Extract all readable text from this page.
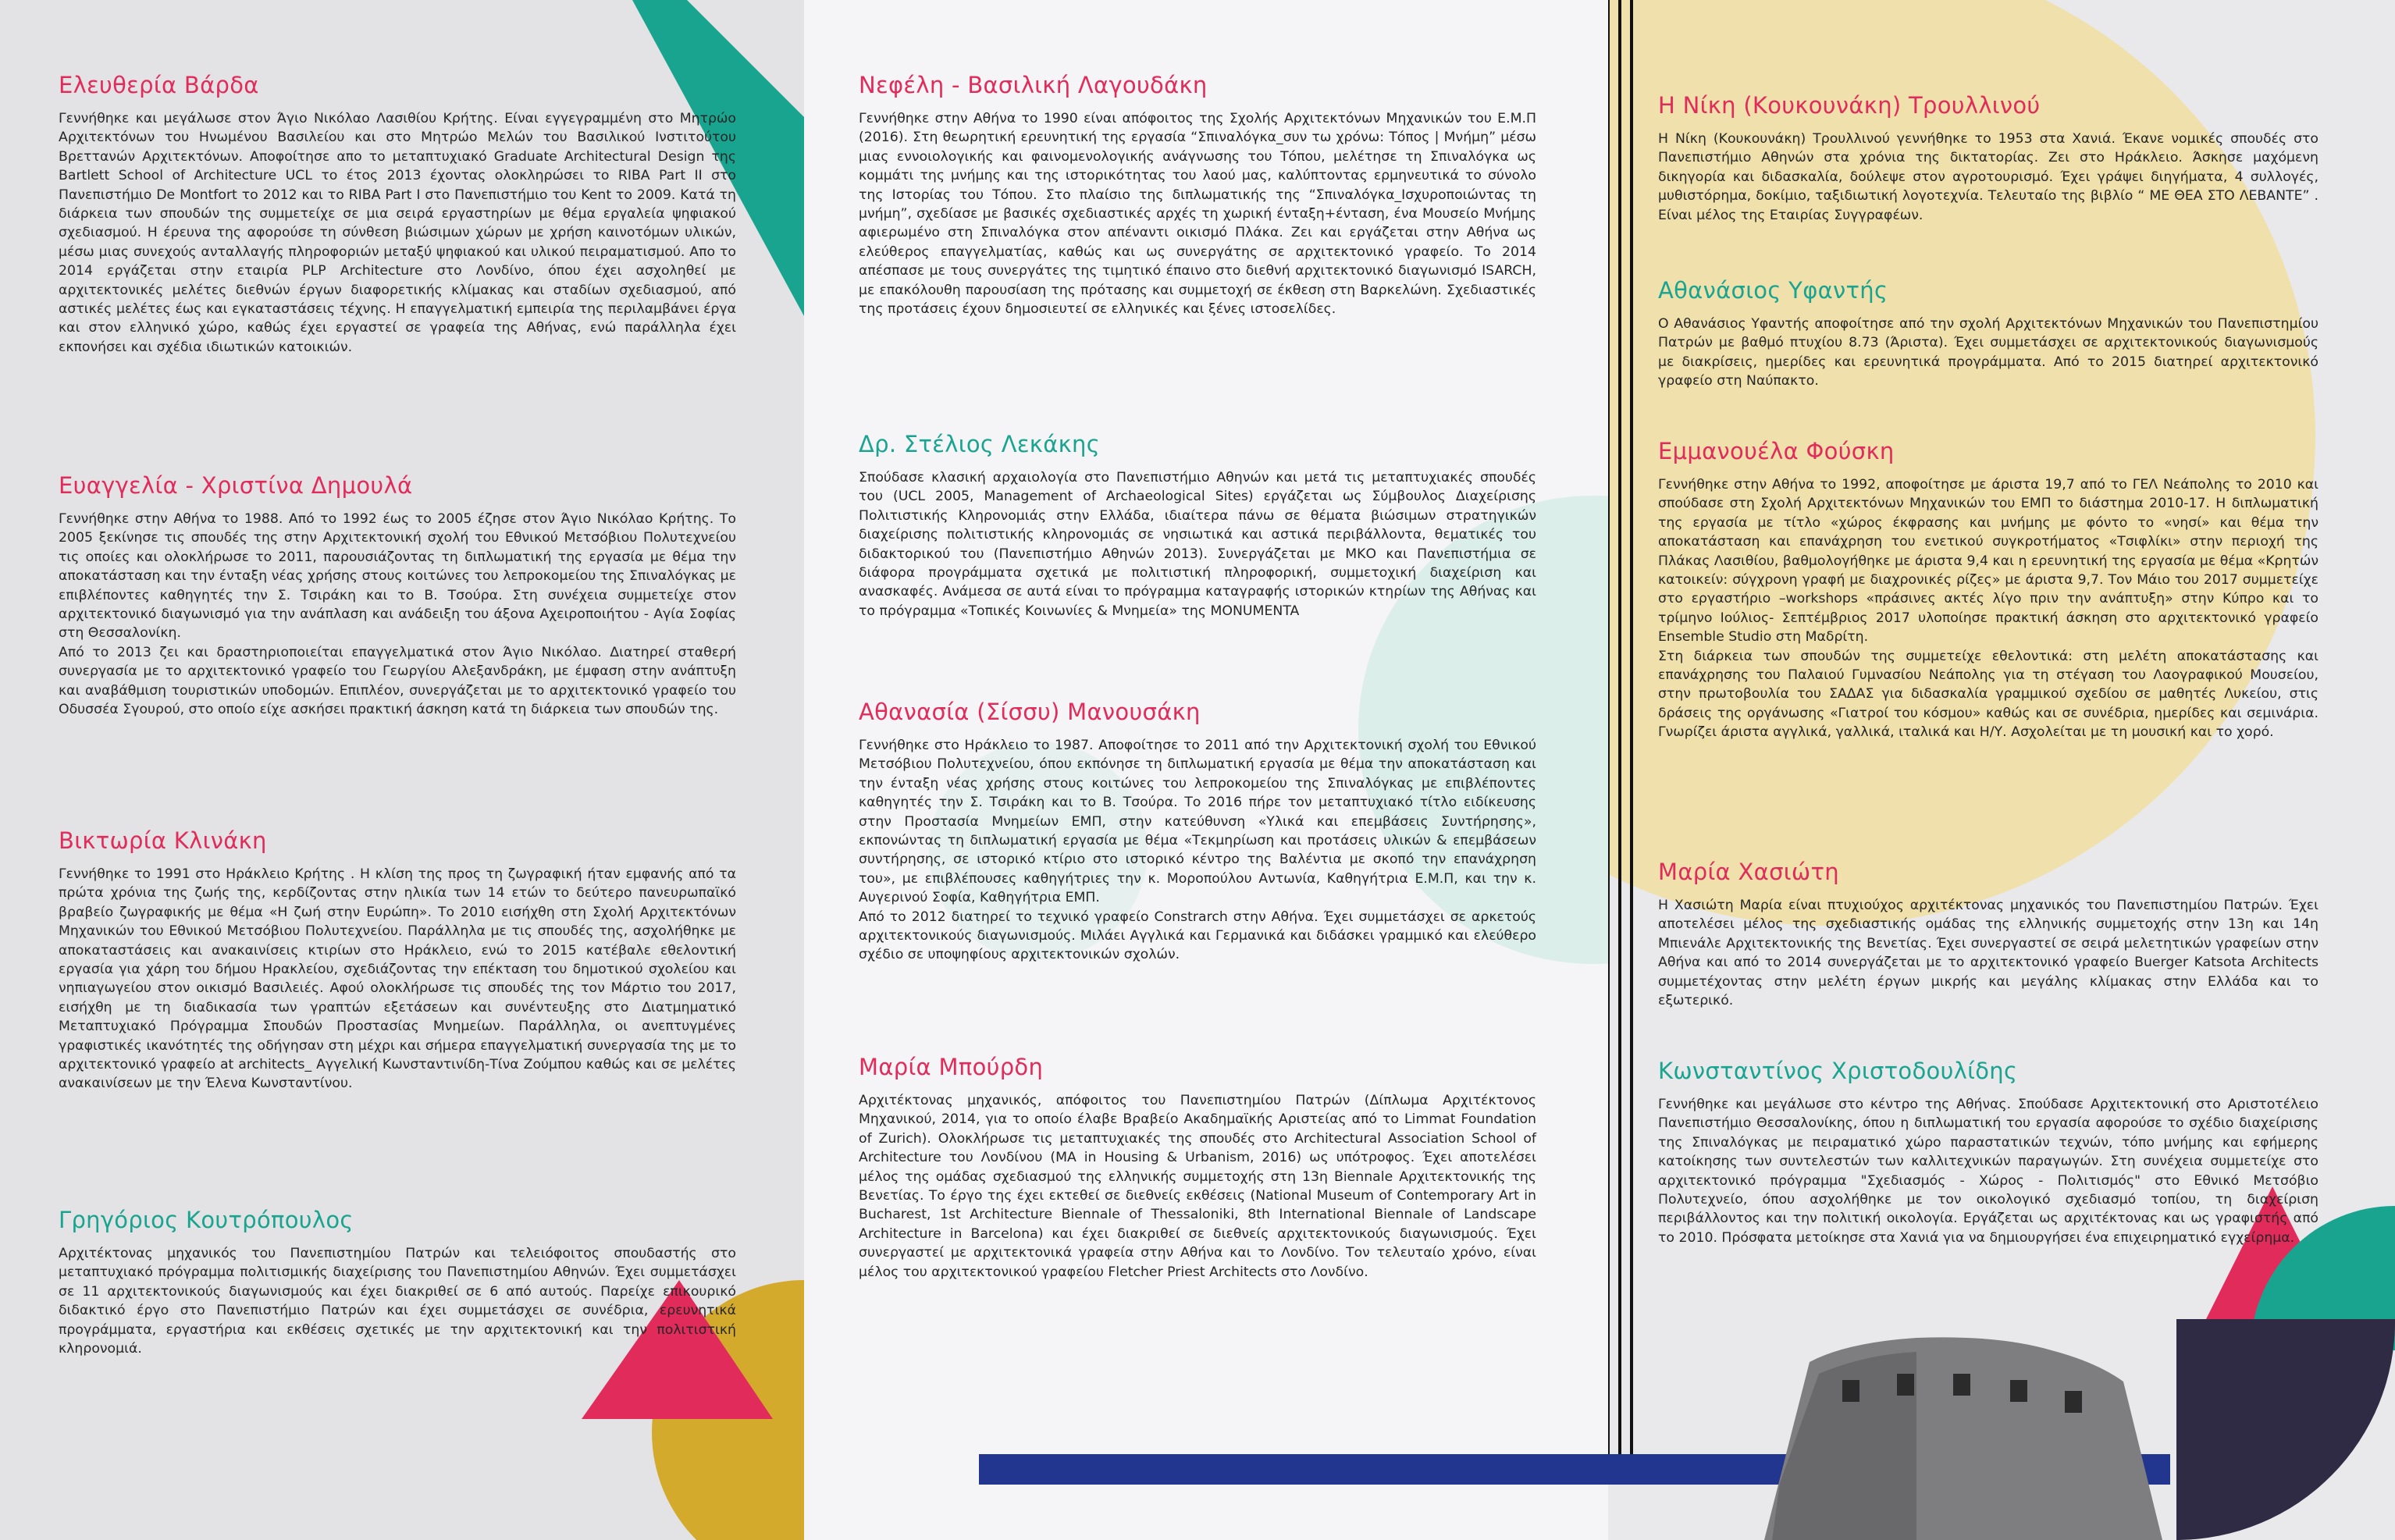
Ελευθερία Βάρδα

Γεννήθηκε και μεγάλωσε στον Άγιο Νικόλαο Λασιθίου Κρήτης. Είναι εγγεγραμμένη στο Μητρώο Αρχιτεκτόνων του Ηνωμένου Βασιλείου και στο Μητρώο Μελών του Βασιλικού Ινστιτούτου Βρεττανών Αρχιτεκτόνων. Αποφοίτησε απο το μεταπτυχιακό Graduate Architectural Design της Bartlett School of Architecture UCL το έτος 2013 έχοντας ολοκληρώσει το RIBA Part II στο Πανεπιστήμιο De Montfort το 2012 και το RIBA Part I στο Πανεπιστήμιο του Kent το 2009. Κατά τη διάρκεια των σπουδών της συμμετείχε σε μια σειρά εργαστηρίων με θέμα εργαλεία ψηφιακού σχεδιασμού. Η έρευνα της αφορούσε τη σύνθεση βιώσιμων χώρων με χρήση καινοτόμων υλικών, μέσω μιας συνεχούς ανταλλαγής πληροφοριών μεταξύ ψηφιακού και υλικού πειραματισμού. Απο το 2014 εργάζεται στην εταιρία PLP Architecture στο Λονδίνο, όπου έχει ασχοληθεί με αρχιτεκτονικές μελέτες διεθνών έργων διαφορετικής κλίμακας και σταδίων σχεδιασμού, από αστικές μελέτες έως και εγκαταστάσεις τέχνης. Η επαγγελματική εμπειρία της περιλαμβάνει έργα και στον ελληνικό χώρο, καθώς έχει εργαστεί σε γραφεία της Αθήνας, ενώ παράλληλα έχει εκπονήσει και σχέδια ιδιωτικών κατοικιών.

Ευαγγελία - Χριστίνα Δημουλά

Γεννήθηκε στην Αθήνα το 1988. Από το 1992 έως το 2005 έζησε στον Άγιο Νικόλαο Κρήτης. Το 2005 ξεκίνησε τις σπουδές της στην Αρχιτεκτονική σχολή του Εθνικού Μετσόβιου Πολυτεχνείου τις οποίες και ολοκλήρωσε το 2011, παρουσιάζοντας τη διπλωματική της εργασία με θέμα την αποκατάσταση και την ένταξη νέας χρήσης στους κοιτώνες του λεπροκομείου της Σπιναλόγκας με επιβλέποντες καθηγητές την Σ. Τσιράκη και το Β. Τσούρα. Στη συνέχεια συμμετείχε στον αρχιτεκτονικό διαγωνισμό για την ανάπλαση και ανάδειξη του άξονα Αχειροποιήτου - Αγία Σοφίας στη Θεσσαλονίκη.
Από το 2013 ζει και δραστηριοποιείται επαγγελματικά στον Άγιο Νικόλαο. Διατηρεί σταθερή συνεργασία με το αρχιτεκτονικό γραφείο του Γεωργίου Αλεξανδράκη, με έμφαση στην ανάπτυξη και αναβάθμιση τουριστικών υποδομών. Επιπλέον, συνεργάζεται με το αρχιτεκτονικό γραφείο του Οδυσσέα Σγουρού, στο οποίο είχε ασκήσει πρακτική άσκηση κατά τη διάρκεια των σπουδών της.

Βικτωρία Κλινάκη

Γεννήθηκε το 1991 στο Ηράκλειο Κρήτης . Η κλίση της προς τη ζωγραφική ήταν εμφανής από τα πρώτα χρόνια της ζωής της, κερδίζοντας στην ηλικία των 14 ετών το δεύτερο πανευρωπαϊκό βραβείο ζωγραφικής με θέμα «Η ζωή στην Ευρώπη». Το 2010 εισήχθη στη Σχολή Αρχιτεκτόνων Μηχανικών του Εθνικού Μετσόβιου Πολυτεχνείου. Παράλληλα με τις σπουδές της, ασχολήθηκε με αποκαταστάσεις και ανακαινίσεις κτιρίων στο Ηράκλειο, ενώ το 2015 κατέβαλε εθελοντική εργασία για χάρη του δήμου Ηρακλείου, σχεδιάζοντας την επέκταση του δημοτικού σχολείου και νηπιαγωγείου στον οικισμό Βασιλειές. Αφού ολοκλήρωσε τις σπουδές της τον Μάρτιο του 2017, εισήχθη με τη διαδικασία των γραπτών εξετάσεων και συνέντευξης στο Διατμηματικό Μεταπτυχιακό Πρόγραμμα Σπουδών Προστασίας Μνημείων. Παράλληλα, οι ανεπτυγμένες γραφιστικές ικανότητές της οδήγησαν στη μέχρι και σήμερα επαγγελματική συνεργασία της με το αρχιτεκτονικό γραφείο at architects_ Αγγελική Κωνσταντινίδη-Τίνα Ζούμπου καθώς και σε μελέτες ανακαινίσεων με την Έλενα Κωνσταντίνου.

Γρηγόριος Κουτρόπουλος

Αρχιτέκτονας μηχανικός του Πανεπιστημίου Πατρών και τελειόφοιτος σπουδαστής στο μεταπτυχιακό πρόγραμμα πολιτισμικής διαχείρισης του Πανεπιστημίου Αθηνών. Έχει συμμετάσχει σε 11 αρχιτεκτονικούς διαγωνισμούς και έχει διακριθεί σε 6 από αυτούς. Παρείχε επικουρικό διδακτικό έργο στο Πανεπιστήμιο Πατρών και έχει συμμετάσχει σε συνέδρια, ερευνητικά προγράμματα, εργαστήρια και εκθέσεις σχετικές με την αρχιτεκτονική και την πολιτιστική κληρονομιά.

Νεφέλη - Βασιλική Λαγουδάκη

Γεννήθηκε στην Αθήνα το 1990 είναι απόφοιτος της Σχολής Αρχιτεκτόνων Μηχανικών του Ε.Μ.Π (2016). Στη θεωρητική ερευνητική της εργασία “Σπιναλόγκα_συν τω χρόνω: Τόπος | Μνήμη” μέσω μιας εννοιολογικής και φαινομενολογικής ανάγνωσης του Τόπου, μελέτησε τη Σπιναλόγκα ως κομμάτι της μνήμης και της ιστορικότητας του λαού μας, καλύπτοντας ερμηνευτικά το σύνολο της Ιστορίας του Τόπου. Στο πλαίσιο της διπλωματικής της “Σπιναλόγκα_Ισχυροποιώντας τη μνήμη”, σχεδίασε με βασικές σχεδιαστικές αρχές τη χωρική ένταξη+ένταση, ένα Μουσείο Μνήμης αφιερωμένο στη Σπιναλόγκα στον απέναντι οικισμό Πλάκα. Ζει και εργάζεται στην Αθήνα ως ελεύθερος επαγγελματίας, καθώς και ως συνεργάτης σε αρχιτεκτονικό γραφείο. Το 2014 απέσπασε με τους συνεργάτες της τιμητικό έπαινο στο διεθνή αρχιτεκτονικό διαγωνισμό ISARCH, με επακόλουθη παρουσίαση της πρότασης και συμμετοχή σε έκθεση στη Βαρκελώνη. Σχεδιαστικές της προτάσεις έχουν δημοσιευτεί σε ελληνικές και ξένες ιστοσελίδες.

Δρ. Στέλιος Λεκάκης

Σπούδασε κλασική αρχαιολογία στο Πανεπιστήμιο Αθηνών και μετά τις μεταπτυχιακές σπουδές του (UCL 2005, Management of Archaeological Sites) εργάζεται ως Σύμβουλος Διαχείρισης Πολιτιστικής Κληρονομιάς στην Ελλάδα, ιδιαίτερα πάνω σε θέματα βιώσιμων στρατηγικών διαχείρισης πολιτιστικής κληρονομιάς σε νησιωτικά και αστικά περιβάλλοντα, θεματικές του διδακτορικού του (Πανεπιστήμιο Αθηνών 2013). Συνεργάζεται με ΜΚΟ και Πανεπιστήμια σε διάφορα προγράμματα σχετικά με πολιτιστική πληροφορική, συμμετοχική διαχείριση και ανασκαφές. Ανάμεσα σε αυτά είναι το πρόγραμμα καταγραφής ιστορικών κτηρίων της Αθήνας και το πρόγραμμα «Τοπικές Κοινωνίες & Μνημεία» της MONUMENTA

Αθανασία (Σίσσυ) Μανουσάκη

Γεννήθηκε στο Ηράκλειο το 1987. Αποφοίτησε το 2011 από την Αρχιτεκτονική σχολή του Εθνικού Μετσόβιου Πολυτεχνείου, όπου εκπόνησε τη διπλωματική εργασία με θέμα την αποκατάσταση και την ένταξη νέας χρήσης στους κοιτώνες του λεπροκομείου της Σπιναλόγκας με επιβλέποντες καθηγητές την Σ. Τσιράκη και το Β. Τσούρα. Το 2016 πήρε τον μεταπτυχιακό τίτλο ειδίκευσης στην Προστασία Μνημείων ΕΜΠ, στην κατεύθυνση «Υλικά και επεμβάσεις Συντήρησης», εκπονώντας τη διπλωματική εργασία με θέμα «Τεκμηρίωση και προτάσεις υλικών & επεμβάσεων συντήρησης, σε ιστορικό κτίριο στο ιστορικό κέντρο της Βαλέντια με σκοπό την επανάχρηση του», με επιβλέπουσες καθηγήτριες την κ. Μοροπούλου Αντωνία, Καθηγήτρια Ε.Μ.Π, και την κ. Αυγερινού Σοφία, Καθηγήτρια ΕΜΠ.
Από το 2012 διατηρεί το τεχνικό γραφείο Constrarch στην Αθήνα. Έχει συμμετάσχει σε αρκετούς αρχιτεκτονικούς διαγωνισμούς. Μιλάει Αγγλικά και Γερμανικά και διδάσκει γραμμικό και ελεύθερο σχέδιο σε υποψηφίους αρχιτεκτονικών σχολών.

Μαρία Μπούρδη

Αρχιτέκτονας μηχανικός, απόφοιτος του Πανεπιστημίου Πατρών (Δίπλωμα Αρχιτέκτονος Μηχανικού, 2014, για το οποίο έλαβε Βραβείο Ακαδημαϊκής Αριστείας από το Limmat Foundation of Zurich). Ολοκλήρωσε τις μεταπτυχιακές της σπουδές στο Architectural Association School of Architecture του Λονδίνου (MA in Housing & Urbanism, 2016) ως υπότροφος. Έχει αποτελέσει μέλος της ομάδας σχεδιασμού της ελληνικής συμμετοχής στη 13η Biennale Αρχιτεκτονικής της Βενετίας. Το έργο της έχει εκτεθεί σε διεθνείς εκθέσεις (National Museum of Contemporary Art in Bucharest, 1st Architecture Biennale of Thessaloniki, 8th International Biennale of Landscape Architecture in Barcelona) και έχει διακριθεί σε διεθνείς αρχιτεκτονικούς διαγωνισμούς. Έχει συνεργαστεί με αρχιτεκτονικά γραφεία στην Αθήνα και το Λονδίνο. Τον τελευταίο χρόνο, είναι μέλος του αρχιτεκτονικού γραφείου Fletcher Priest Architects στο Λονδίνο.

Η Νίκη (Κουκουνάκη) Τρουλλινού

Η Νίκη (Κουκουνάκη) Τρουλλινού γεννήθηκε το 1953 στα Χανιά. Έκανε νομικές σπουδές στο Πανεπιστήμιο Αθηνών στα χρόνια της δικτατορίας. Ζει στο Ηράκλειο. Άσκησε μαχόμενη δικηγορία και διδασκαλία, δούλεψε στον αγροτουρισμό. Έχει γράψει διηγήματα, 4 συλλογές, μυθιστόρημα, δοκίμιο, ταξιδιωτική λογοτεχνία. Τελευταίο της βιβλίο “ ΜΕ ΘΕΑ ΣΤΟ ΛΕΒΑΝΤΕ” . Είναι μέλος της Εταιρίας Συγγραφέων.

Αθανάσιος Υφαντής

Ο Αθανάσιος Υφαντής αποφοίτησε από την σχολή Αρχιτεκτόνων Μηχανικών του Πανεπιστημίου Πατρών με βαθμό πτυχίου 8.73 (Άριστα). Έχει συμμετάσχει σε αρχιτεκτονικούς διαγωνισμούς με διακρίσεις, ημερίδες και ερευνητικά προγράμματα. Από το 2015 διατηρεί αρχιτεκτονικό γραφείο στη Ναύπακτο.

Εμμανουέλα Φούσκη

Γεννήθηκε στην Αθήνα το 1992, αποφοίτησε με άριστα 19,7 από το ΓΕΛ Νεάπολης το 2010 και σπούδασε στη Σχολή Αρχιτεκτόνων Μηχανικών του ΕΜΠ το διάστημα 2010-17. Η διπλωματική της εργασία με τίτλο «χώρος έκφρασης και μνήμης με φόντο το «νησί» και θέμα την αποκατάσταση και επανάχρηση του ενετικού συγκροτήματος «Τσιφλίκι» στην περιοχή της Πλάκας Λασιθίου, βαθμολογήθηκε με άριστα 9,4 και η ερευνητική της εργασία με θέμα «Κρητών κατοικείν: σύγχρονη γραφή με διαχρονικές ρίζες» με άριστα 9,7. Τον Μάιο του 2017 συμμετείχε στο εργαστήριο –workshops «πράσινες ακτές λίγο πριν την ανάπτυξη» στην Κύπρο και το τρίμηνο Ιούλιος- Σεπτέμβριος 2017 υλοποίησε πρακτική άσκηση στο αρχιτεκτονικό γραφείο Ensemble Studio στη Μαδρίτη.
Στη διάρκεια των σπουδών της συμμετείχε εθελοντικά: στη μελέτη αποκατάστασης και επανάχρησης του Παλαιού Γυμνασίου Νεάπολης για τη στέγαση του Λαογραφικού Μουσείου, στην πρωτοβουλία του ΣΑΔΑΣ για διδασκαλία γραμμικού σχεδίου σε μαθητές Λυκείου, στις δράσεις της οργάνωσης «Γιατροί του κόσμου» καθώς και σε συνέδρια, ημερίδες και σεμινάρια. Γνωρίζει άριστα αγγλικά, γαλλικά, ιταλικά και Η/Υ. Ασχολείται με τη μουσική και το χορό.

Μαρία Χασιώτη

Η Χασιώτη Μαρία είναι πτυχιούχος αρχιτέκτονας μηχανικός του Πανεπιστημίου Πατρών. Έχει αποτελέσει μέλος της σχεδιαστικής ομάδας της ελληνικής συμμετοχής στην 13η και 14η Μπιενάλε Αρχιτεκτονικής της Βενετίας. Έχει συνεργαστεί σε σειρά μελετητικών γραφείων στην Αθήνα και από το 2014 συνεργάζεται με το αρχιτεκτονικό γραφείο Buerger Katsota Architects συμμετέχοντας στην μελέτη έργων μικρής και μεγάλης κλίμακας στην Ελλάδα και το εξωτερικό.

Κωνσταντίνος Χριστοδουλίδης

Γεννήθηκε και μεγάλωσε στο κέντρο της Αθήνας. Σπούδασε Αρχιτεκτονική στο Αριστοτέλειο Πανεπιστήμιο Θεσσαλονίκης, όπου η διπλωματική του εργασία αφορούσε το σχέδιο διαχείρισης της Σπιναλόγκας με πειραματικό χώρο παραστατικών τεχνών, τόπο μνήμης και εφήμερης κατοίκησης των συντελεστών των καλλιτεχνικών παραγωγών. Στη συνέχεια συμμετείχε στο αρχιτεκτονικό πρόγραμμα "Σχεδιασμός - Χώρος - Πολιτισμός" στο Εθνικό Μετσόβιο Πολυτεχνείο, όπου ασχολήθηκε με τον οικολογικό σχεδιασμό τοπίου, τη διαχείριση περιβάλλοντος και την πολιτική οικολογία. Εργάζεται ως αρχιτέκτονας και ως γραφιστής από το 2010. Πρόσφατα μετοίκησε στα Χανιά για να δημιουργήσει ένα επιχειρηματικό εγχείρημα.
